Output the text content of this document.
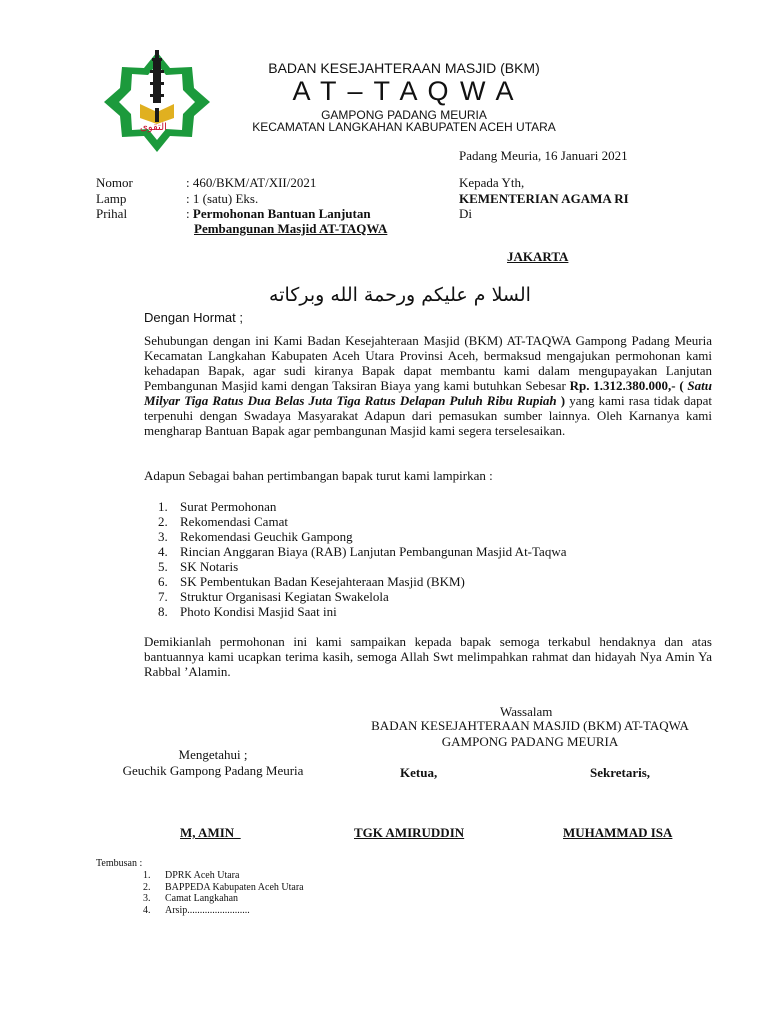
التقوى
BADAN KESEJAHTERAAN MASJID (BKM)
A T – T A Q W A
GAMPONG PADANG MEURIA
KECAMATAN LANGKAHAN KABUPATEN ACEH UTARA
Padang Meuria, 16 Januari 2021
Nomor	: 460/BKM/AT/XII/2021
Lamp	: 1 (satu) Eks.
Prihal	: Permohonan Bantuan Lanjutan
Pembangunan Masjid AT-TAQWA
Kepada Yth,
KEMENTERIAN AGAMA RI
Di
JAKARTA
السلا م عليكم ورحمة الله وبركاته
Dengan Hormat ;
Sehubungan dengan ini Kami Badan Kesejahteraan Masjid (BKM) AT-TAQWA Gampong Padang Meuria Kecamatan Langkahan Kabupaten Aceh Utara Provinsi Aceh, bermaksud mengajukan permohonan kami kehadapan Bapak, agar sudi kiranya Bapak dapat membantu kami dalam mengupayakan Lanjutan Pembangunan Masjid kami dengan Taksiran Biaya yang kami butuhkan Sebesar Rp. 1.312.380.000,- ( Satu Milyar Tiga Ratus Dua Belas Juta Tiga Ratus Delapan Puluh Ribu Rupiah ) yang kami rasa tidak dapat terpenuhi dengan Swadaya Masyarakat Adapun dari pemasukan sumber lainnya. Oleh Karnanya kami mengharap Bantuan Bapak agar pembangunan Masjid kami segera terselesaikan.
Adapun Sebagai bahan pertimbangan bapak turut kami lampirkan :
1. Surat Permohonan
2. Rekomendasi Camat
3. Rekomendasi Geuchik Gampong
4. Rincian Anggaran Biaya (RAB) Lanjutan Pembangunan Masjid At-Taqwa
5. SK Notaris
6. SK Pembentukan Badan Kesejahteraan Masjid (BKM)
7. Struktur Organisasi Kegiatan Swakelola
8. Photo Kondisi Masjid Saat ini
Demikianlah permohonan ini kami sampaikan kepada bapak semoga terkabul hendaknya dan atas bantuannya kami ucapkan terima kasih, semoga Allah Swt melimpahkan rahmat dan hidayah Nya Amin Ya Rabbal ’Alamin.
Wassalam
BADAN KESEJAHTERAAN MASJID (BKM) AT-TAQWA
GAMPONG PADANG MEURIA
Mengetahui ;
Geuchik Gampong Padang Meuria	Ketua,	Sekretaris,
M, AMIN	TGK AMIRUDDIN	MUHAMMAD ISA
Tembusan :
1. DPRK Aceh Utara
2. BAPPEDA Kabupaten Aceh Utara
3. Camat Langkahan
4. Arsip.........................
